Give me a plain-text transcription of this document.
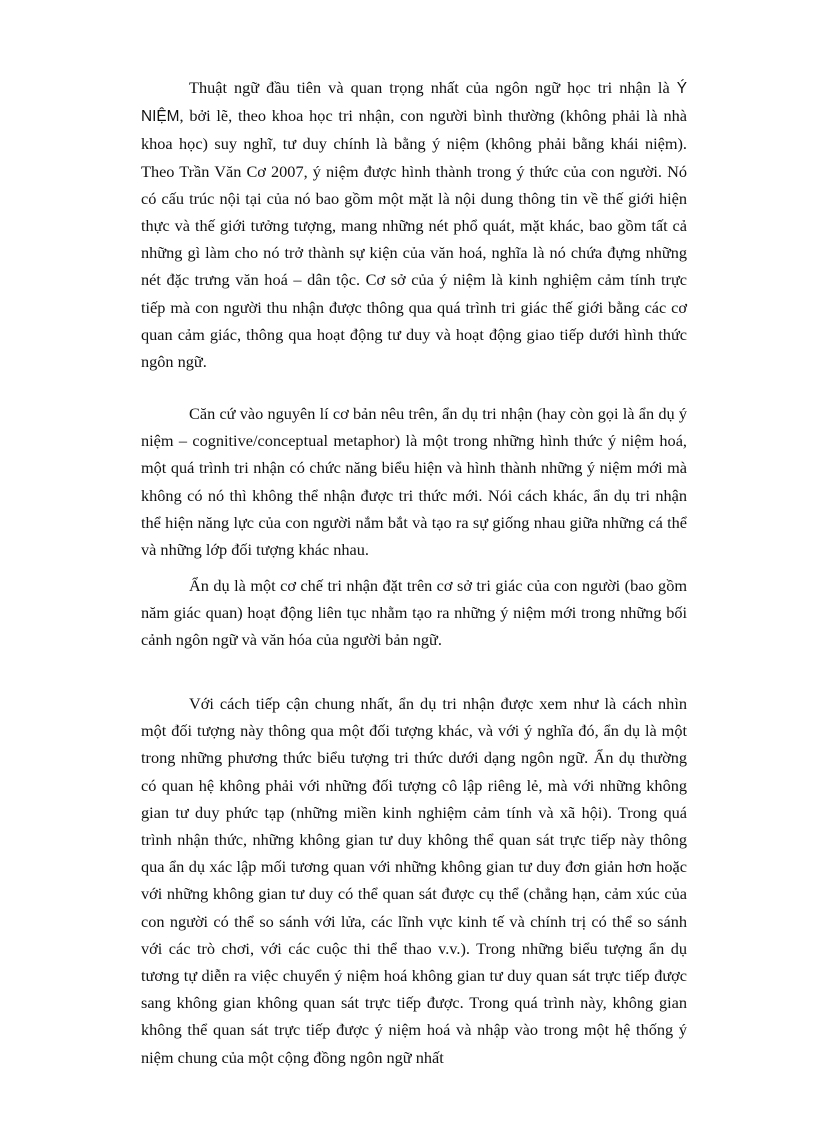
Thuật ngữ đầu tiên và quan trọng nhất của ngôn ngữ học tri nhận là Ý NIỆM, bởi lẽ, theo khoa học tri nhận, con người bình thường (không phải là nhà khoa học) suy nghĩ, tư duy chính là bằng ý niệm (không phải bằng khái niệm). Theo Trần Văn Cơ 2007, ý niệm được hình thành trong ý thức của con người. Nó có cấu trúc nội tại của nó bao gồm một mặt là nội dung thông tin về thế giới hiện thực và thế giới tưởng tượng, mang những nét phổ quát, mặt khác, bao gồm tất cả những gì làm cho nó trở thành sự kiện của văn hoá, nghĩa là nó chứa đựng những nét đặc trưng văn hoá – dân tộc. Cơ sở của ý niệm là kinh nghiệm cảm tính trực tiếp mà con người thu nhận được thông qua quá trình tri giác thế giới bằng các cơ quan cảm giác, thông qua hoạt động tư duy và hoạt động giao tiếp dưới hình thức ngôn ngữ.

Căn cứ vào nguyên lí cơ bản nêu trên, ẩn dụ tri nhận (hay còn gọi là ẩn dụ ý niệm – cognitive/conceptual metaphor) là một trong những hình thức ý niệm hoá, một quá trình tri nhận có chức năng biểu hiện và hình thành những ý niệm mới mà không có nó thì không thể nhận được tri thức mới. Nói cách khác, ẩn dụ tri nhận thể hiện năng lực của con người nắm bắt và tạo ra sự giống nhau giữa những cá thể và những lớp đối tượng khác nhau.

Ẩn dụ là một cơ chế tri nhận đặt trên cơ sở tri giác của con người (bao gồm năm giác quan) hoạt động liên tục nhằm tạo ra những ý niệm mới trong những bối cảnh ngôn ngữ và văn hóa của người bản ngữ.

Với cách tiếp cận chung nhất, ẩn dụ tri nhận được xem như là cách nhìn một đối tượng này thông qua một đối tượng khác, và với ý nghĩa đó, ẩn dụ là một trong những phương thức biểu tượng tri thức dưới dạng ngôn ngữ. Ẩn dụ thường có quan hệ không phải với những đối tượng cô lập riêng lẻ, mà với những không gian tư duy phức tạp (những miền kinh nghiệm cảm tính và xã hội). Trong quá trình nhận thức, những không gian tư duy không thể quan sát trực tiếp này thông qua ẩn dụ xác lập mối tương quan với những không gian tư duy đơn giản hơn hoặc với những không gian tư duy có thể quan sát được cụ thể (chẳng hạn, cảm xúc của con người có thể so sánh với lửa, các lĩnh vực kinh tế và chính trị có thể so sánh với các trò chơi, với các cuộc thi thể thao v.v.). Trong những biểu tượng ẩn dụ tương tự diễn ra việc chuyển ý niệm hoá không gian tư duy quan sát trực tiếp được sang không gian không quan sát trực tiếp được. Trong quá trình này, không gian không thể quan sát trực tiếp được ý niệm hoá và nhập vào trong một hệ thống ý niệm chung của một cộng đồng ngôn ngữ nhất
